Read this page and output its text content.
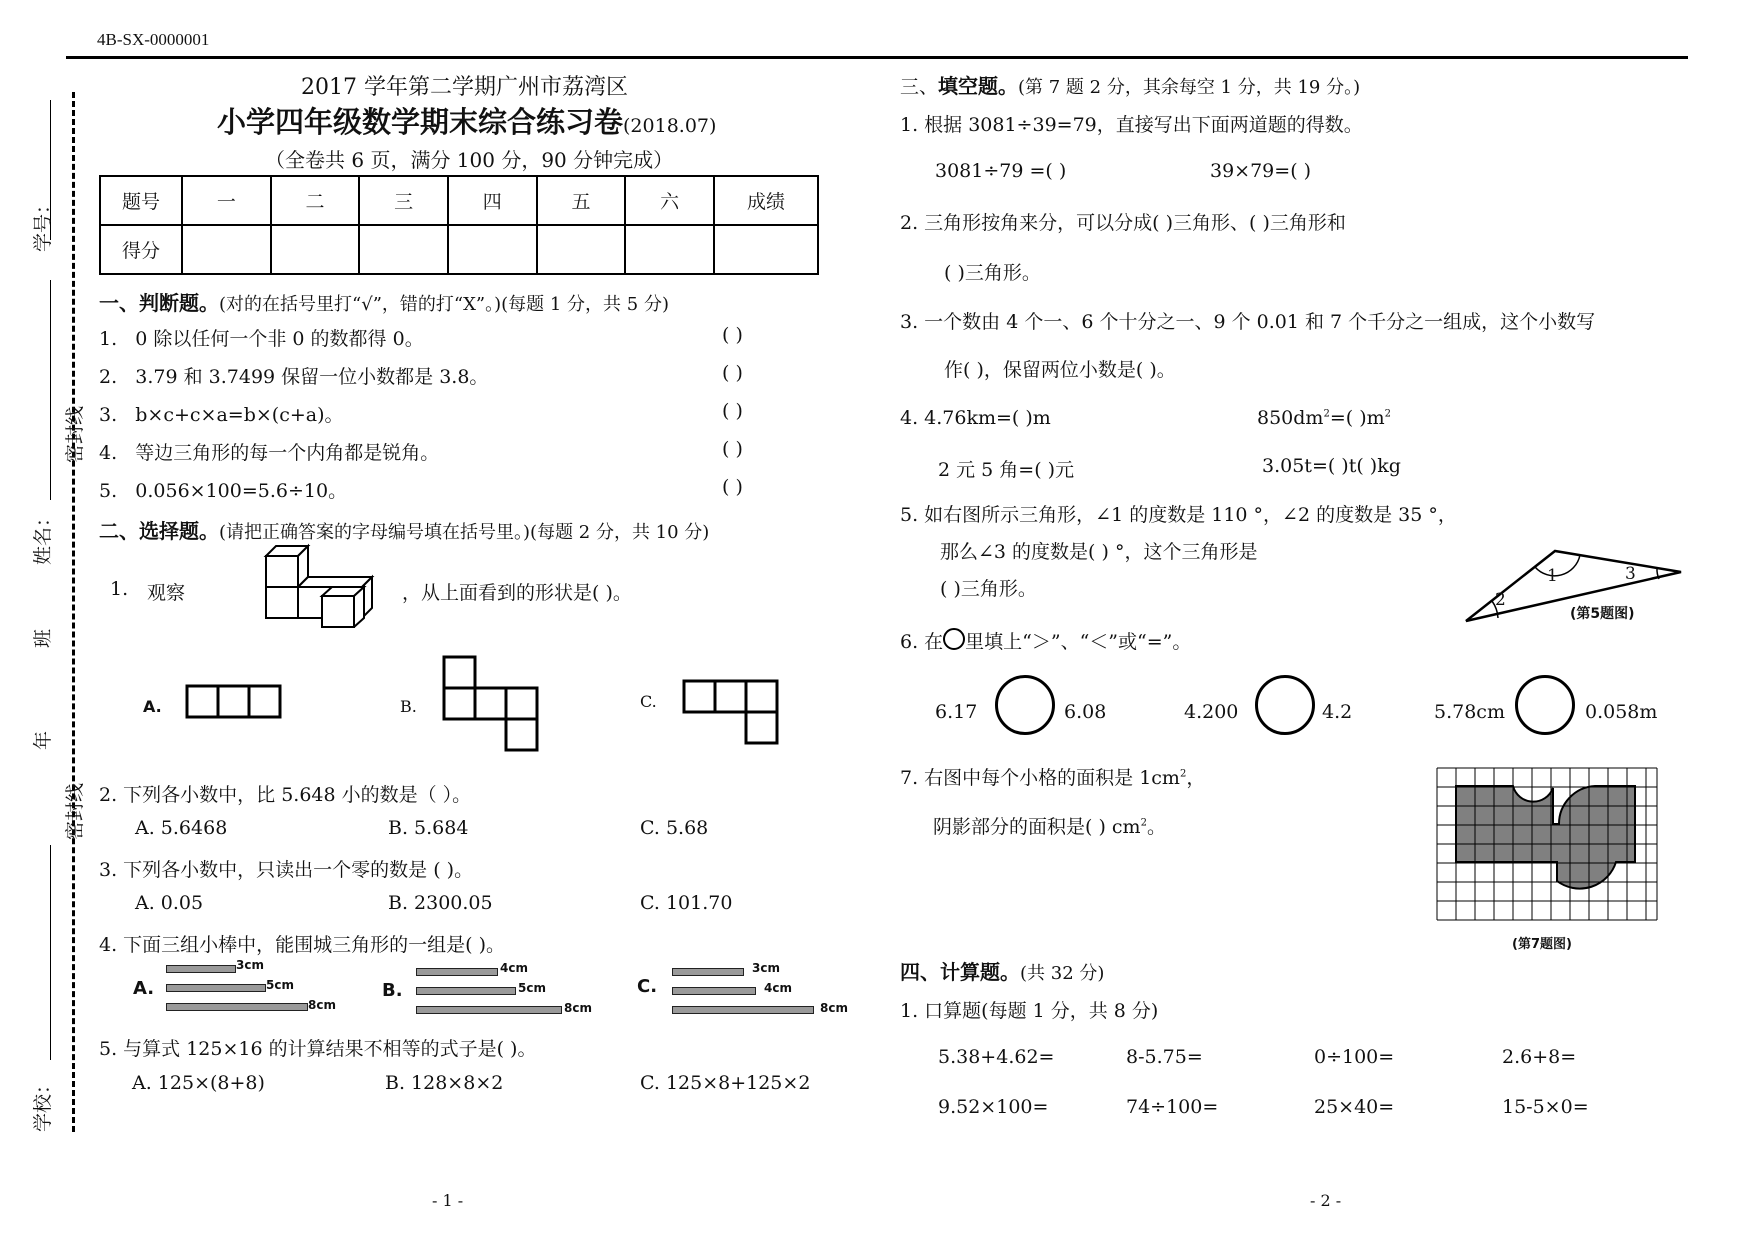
4B-SX-0000001
学号：
密封线
姓名：
班
年
密封线
学校：
2017 学年第二学期广州市荔湾区
小学四年级数学期末综合练习卷(2018.07)
（全卷共 6 页，满分 100 分，90 分钟完成）
题号	一	二	三	四	五	六	成绩
得分							
一、判断题。(对的在括号里打“√”，错的打“X”。)(每题 1 分，共 5 分)
1. 0 除以任何一个非 0 的数都得 0。	( )
2. 3.79 和 3.7499 保留一位小数都是 3.8。	( )
3. b×c+c×a=b×(c+a)。	( )
4. 等边三角形的每一个内角都是锐角。	( )
5. 0.056×100=5.6÷10。	( )
二、选择题。(请把正确答案的字母编号填在括号里。)(每题 2 分，共 10 分)
1. 观察	，从上面看到的形状是( )。
A.	B.	C.
2. 下列各小数中，比 5.648 小的数是（ ）。
A. 5.6468	B. 5.684	C. 5.68
3. 下列各小数中，只读出一个零的数是 ( )。
A. 0.05	B. 2300.05	C. 101.70
4. 下面三组小棒中，能围城三角形的一组是( )。
A.
3cm
5cm
8cm
B.
4cm
5cm
8cm
C.
3cm
4cm
8cm
5. 与算式 125×16 的计算结果不相等的式子是( )。
A. 125×(8+8)	B. 128×8×2	C. 125×8+125×2
三、填空题。(第 7 题 2 分，其余每空 1 分，共 19 分。)
1. 根据 3081÷39=79，直接写出下面两道题的得数。
3081÷79 =( )	39×79=( )
2. 三角形按角来分，可以分成( )三角形、( )三角形和
( )三角形。
3. 一个数由 4 个一、6 个十分之一、9 个 0.01 和 7 个千分之一组成，这个小数写
作( )，保留两位小数是( )。
4. 4.76km=( )m	$850dm^2=$( )$m^2$
2 元 5 角=( )元	3.05t=( )t( )kg
5. 如右图所示三角形，∠1 的度数是 110 °，∠2 的度数是 35 °，
那么∠3 的度数是( ) °，这个三角形是
( )三角形。
1
2
3
(第5题图)
6. 在 里填上“＞”、“＜”或“=”。
6.17	6.08	4.200	4.2	5.78cm	0.058m
7. 右图中每个小格的面积是 $1cm^2$，
阴影部分的面积是( ) $cm^2$。
(第7题图)
四、计算题。(共 32 分)
1. 口算题(每题 1 分，共 8 分)
5.38+4.62=	8-5.75=	0÷100=	2.6+8=
9.52×100=	74÷100=	25×40=	15-5×0=
- 1 -	- 2 -
